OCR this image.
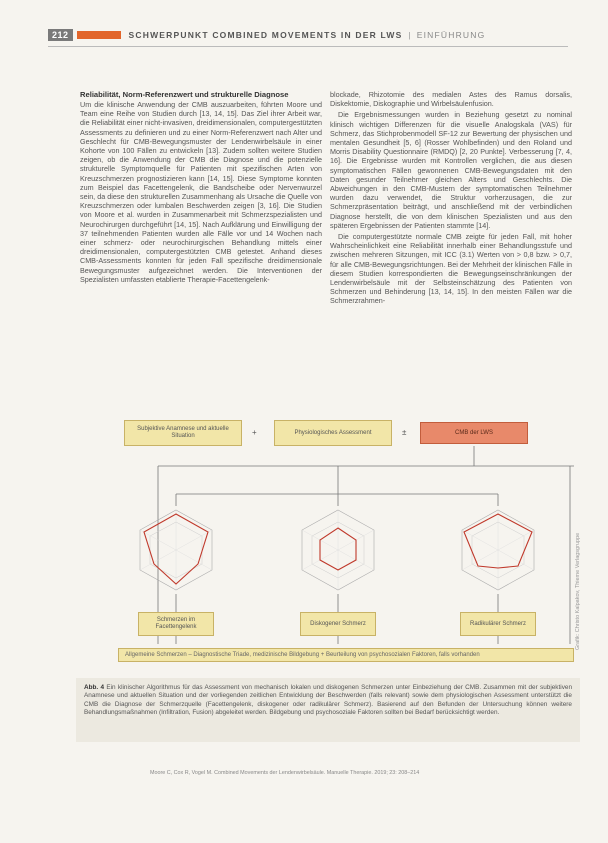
212	SCHWERPUNKT COMBINED MOVEMENTS IN DER LWS | EINFÜHRUNG
Reliabilität, Norm-Referenzwert und strukturelle Diagnose

Um die klinische Anwendung der CMB auszuarbeiten, führten Moore und Team eine Reihe von Studien durch [13, 14, 15]. Das Ziel ihrer Arbeit war, die Reliabilität einer nicht-invasiven, dreidimensionalen, computergestützten Assessments zu definieren und zu einer Norm-Referenzwert nach Alter und Geschlecht für CMB-Bewegungsmuster der Lendenwirbelsäule in einer Kohorte von 100 Fällen zu entwickeln [13]. Zudem sollten weitere Studien zeigen, ob die Anwendung der CMB die Diagnose und die potenzielle strukturelle Symptomquelle für Patienten mit spezifischen Arten von Kreuzschmerzen prognostizieren kann [14, 15]. Diese Symptome konnten zum Beispiel das Facettengelenk, die Bandscheibe oder Nervenwurzel sein, da diese den strukturellen Zusammenhang als Ursache die Quelle von Kreuzschmerzen oder lumbalen Beschwerden zeigen [3, 16]. Die Studien von Moore et al. wurden in Zusammenarbeit mit Schmerzspezialisten und Neurochirurgen durchgeführt [14, 15]. Nach Aufklärung und Einwilligung der 37 teilnehmenden Patienten wurden alle Fälle vor und 14 Wochen nach einer schmerz- oder neurochirurgischen Behandlung mittels einer dreidimensionalen, computergestützten CMB getestet. Anhand dieses CMB-Assessments konnten für jeden Fall spezifische dreidimensionale Bewegungsmuster aufgezeichnet werden. Die Interventionen der Spezialisten umfassten etablierte Therapie-Facettengelenk-

blockade, Rhizotomie des medialen Astes des Ramus dorsalis, Diskektomie, Diskographie und Wirbelsäulenfusion.

Die Ergebnismessungen wurden in Beziehung gesetzt zu nominal klinisch wichtigen Differenzen für die visuelle Analogskala (VAS) für Schmerz, das Stichprobenmodell SF-12 zur Bewertung der physischen und mentalen Gesundheit [5, 6] (Rosser Wohlbefinden) und den Roland und Morris Disability Questionnaire (RMDQ) [2, 20 Punkte]. Verbesserung [7, 4, 16]. Die Ergebnisse wurden mit Kontrollen verglichen, die aus diesen symptomatischen Fällen gewonnenen CMB-Bewegungsdaten mit den Daten gesunder Teilnehmer gleichen Alters und Geschlechts. Die Abweichungen in den CMB-Mustern der symptomatischen Teilnehmer wurden dazu verwendet, die Struktur vorherzusagen, die zur Schmerzpräsentation beiträgt, und anschließend mit der verbindlichen Diagnose herstellt, die von dem klinischen Spezialisten und aus den späteren Ergebnissen der Patienten stammte [14].

Die computergestützte normale CMB zeigte für jeden Fall, mit hoher Wahrscheinlichkeit eine Reliabilität innerhalb einer Behandlungsstufe und zwischen mehreren Sitzungen, mit ICC (3.1) Werten von > 0,8 bzw. > 0,7, für alle CMB-Bewegungsrichtungen. Bei der Mehrheit der klinischen Fälle in diesem Studien korrespondierten die Bewegungseinschränkungen der Lendenwirbelsäule mit der Selbsteinschätzung des Patienten von Schmerzen und Behinderung [13, 14, 15]. In den meisten Fällen war die Schmerzrahmen-

Subjektive Anamnese und aktuelle Situation	+	Physiologisches Assessment	±	CMB der LWS
Schmerzen im Facettengelenk
Diskogener Schmerz	Radikulärer Schmerz
Allgemeine Schmerzen – Diagnostische Triade, medizinische Bildgebung + Beurteilung von psychosozialen Faktoren, falls vorhanden
Abb. 4 Ein klinischer Algorithmus für das Assessment von mechanisch lokalen und diskogenen Schmerzen unter Einbeziehung der CMB. Zusammen mit der subjektiven Anamnese und aktuellen Situation und der vorliegenden zeitlichen Entwicklung der Beschwerden (falls relevant) sowie dem physiologischen Assessment unterstützt die CMB die Diagnose der Schmerzquelle (Facettengelenk, diskogener oder radikulärer Schmerz). Basierend auf den Befunden der Untersuchung können weitere Behandlungsmaßnahmen (Infiltration, Fusion) abgeleitet werden. Bildgebung und psychosoziale Faktoren sollten bei Bedarf berücksichtigt werden.
Grafik: Christo Kalpakov, Thieme Verlagsgruppe
Moore C, Cox R, Vogel M. Combined Movements der Lendenwirbelsäule. Manuelle Therapie. 2019; 23: 208–214
